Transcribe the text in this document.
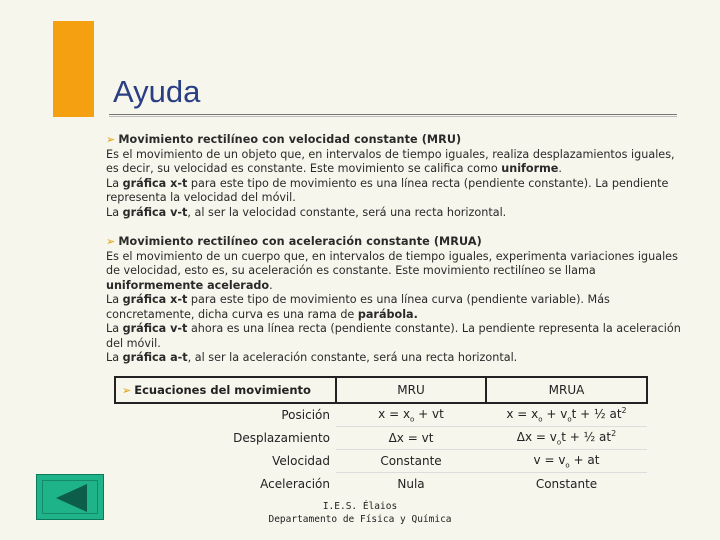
Ayuda
➢ Movimiento rectilíneo con velocidad constante (MRU)
Es el movimiento de un objeto que, en intervalos de tiempo iguales, realiza desplazamientos iguales, es decir, su velocidad es constante. Este movimiento se califica como uniforme.
La gráfica x-t para este tipo de movimiento es una línea recta (pendiente constante). La pendiente representa la velocidad del móvil.
La gráfica v-t, al ser la velocidad constante, será una recta horizontal.
➢ Movimiento rectilíneo con aceleración constante (MRUA)
Es el movimiento de un cuerpo que, en intervalos de tiempo iguales, experimenta variaciones iguales de velocidad, esto es, su aceleración es constante. Este movimiento rectilíneo se llama uniformemente acelerado.
La gráfica x-t para este tipo de movimiento es una línea curva (pendiente variable). Más concretamente, dicha curva es una rama de parábola.
La gráfica v-t ahora es una línea recta (pendiente constante). La pendiente representa la aceleración del móvil.
La gráfica a-t, al ser la aceleración constante, será una recta horizontal.
➢ Ecuaciones del movimiento	MRU	MRUA
Posición	$x = x_o$ + vt	$x = x_o + v_ot$ + ½ $at^2$
Desplazamiento	Δx = vt	$\Delta x = v_ot$ + ½ $at^2$
Velocidad	Constante	$v = v_o$ + at
Aceleración	Nula	Constante
I.E.S. Élaios
Departamento de Física y Química
